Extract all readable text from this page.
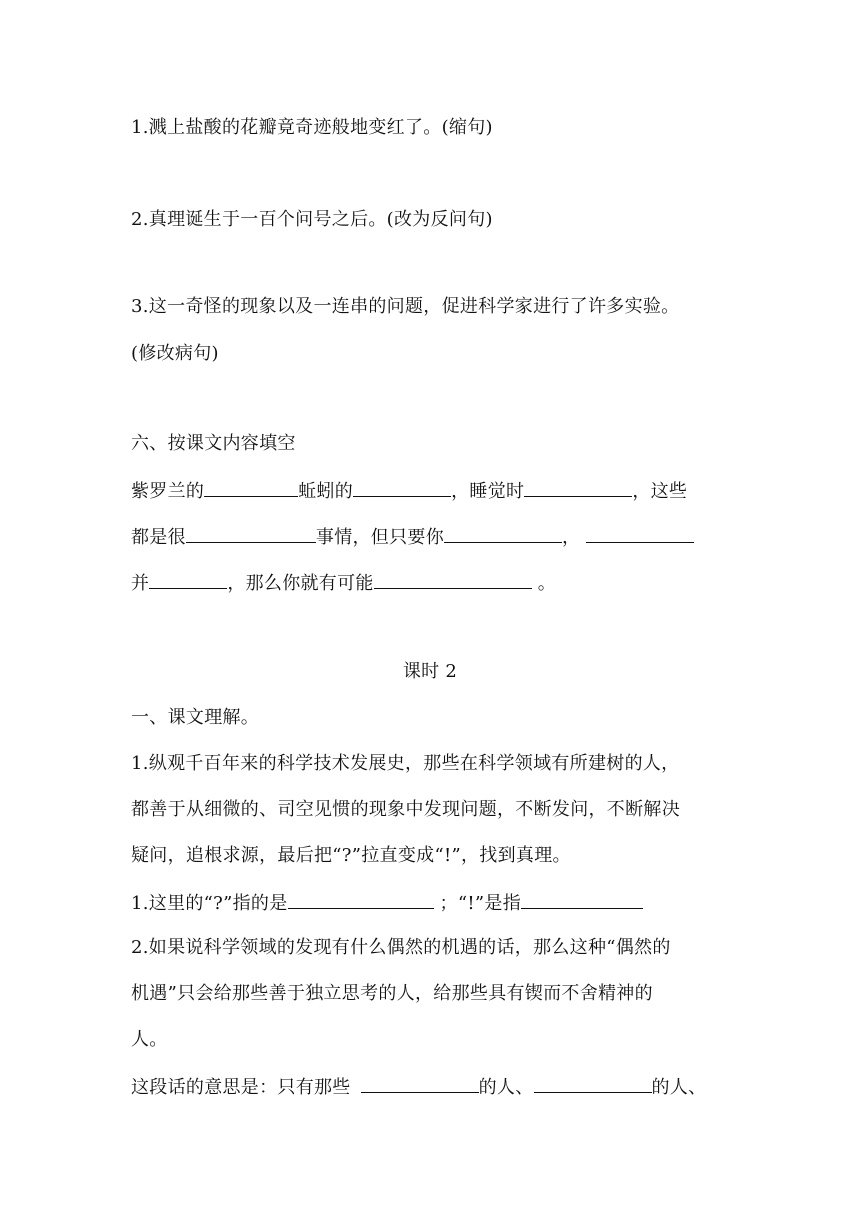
1.溅上盐酸的花瓣竟奇迹般地变红了。(缩句)
2.真理诞生于一百个问号之后。(改为反问句)
3.这一奇怪的现象以及一连串的问题，促进科学家进行了许多实验。
(修改病句)
六、按课文内容填空
紫罗兰的	蚯蚓的	，睡觉时	，这些
都是很	事情，但只要你	，
并	，那么你就有可能	。
课时 2
一、课文理解。
1.纵观千百年来的科学技术发展史，那些在科学领域有所建树的人，
都善于从细微的、司空见惯的现象中发现问题，不断发问，不断解决
疑问，追根求源，最后把“?”拉直变成“!”，找到真理。
1.这里的“?”指的是	；“!”是指
2.如果说科学领域的发现有什么偶然的机遇的话，那么这种“偶然的
机遇”只会给那些善于独立思考的人，给那些具有锲而不舍精神的
人。
这段话的意思是：只有那些	的人、	的人、
